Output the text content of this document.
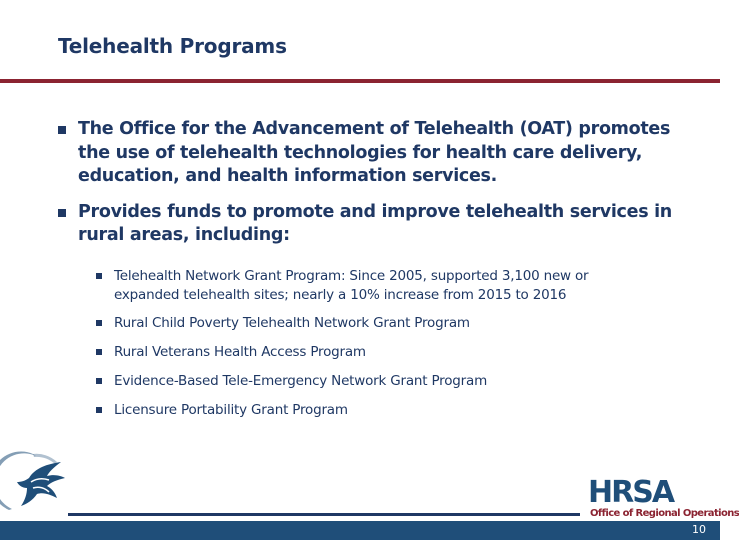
Telehealth Programs
The Office for the Advancement of Telehealth (OAT) promotes the use of telehealth technologies for health care delivery, education, and health information services.
Provides funds to promote and improve telehealth services in rural areas, including:
Telehealth Network Grant Program: Since 2005, supported 3,100 new or expanded telehealth sites; nearly a 10% increase from 2015 to 2016
Rural Child Poverty Telehealth Network Grant Program
Rural Veterans Health Access Program
Evidence-Based Tele-Emergency Network Grant Program
Licensure Portability Grant Program
HRSA
Office of Regional Operations
10
